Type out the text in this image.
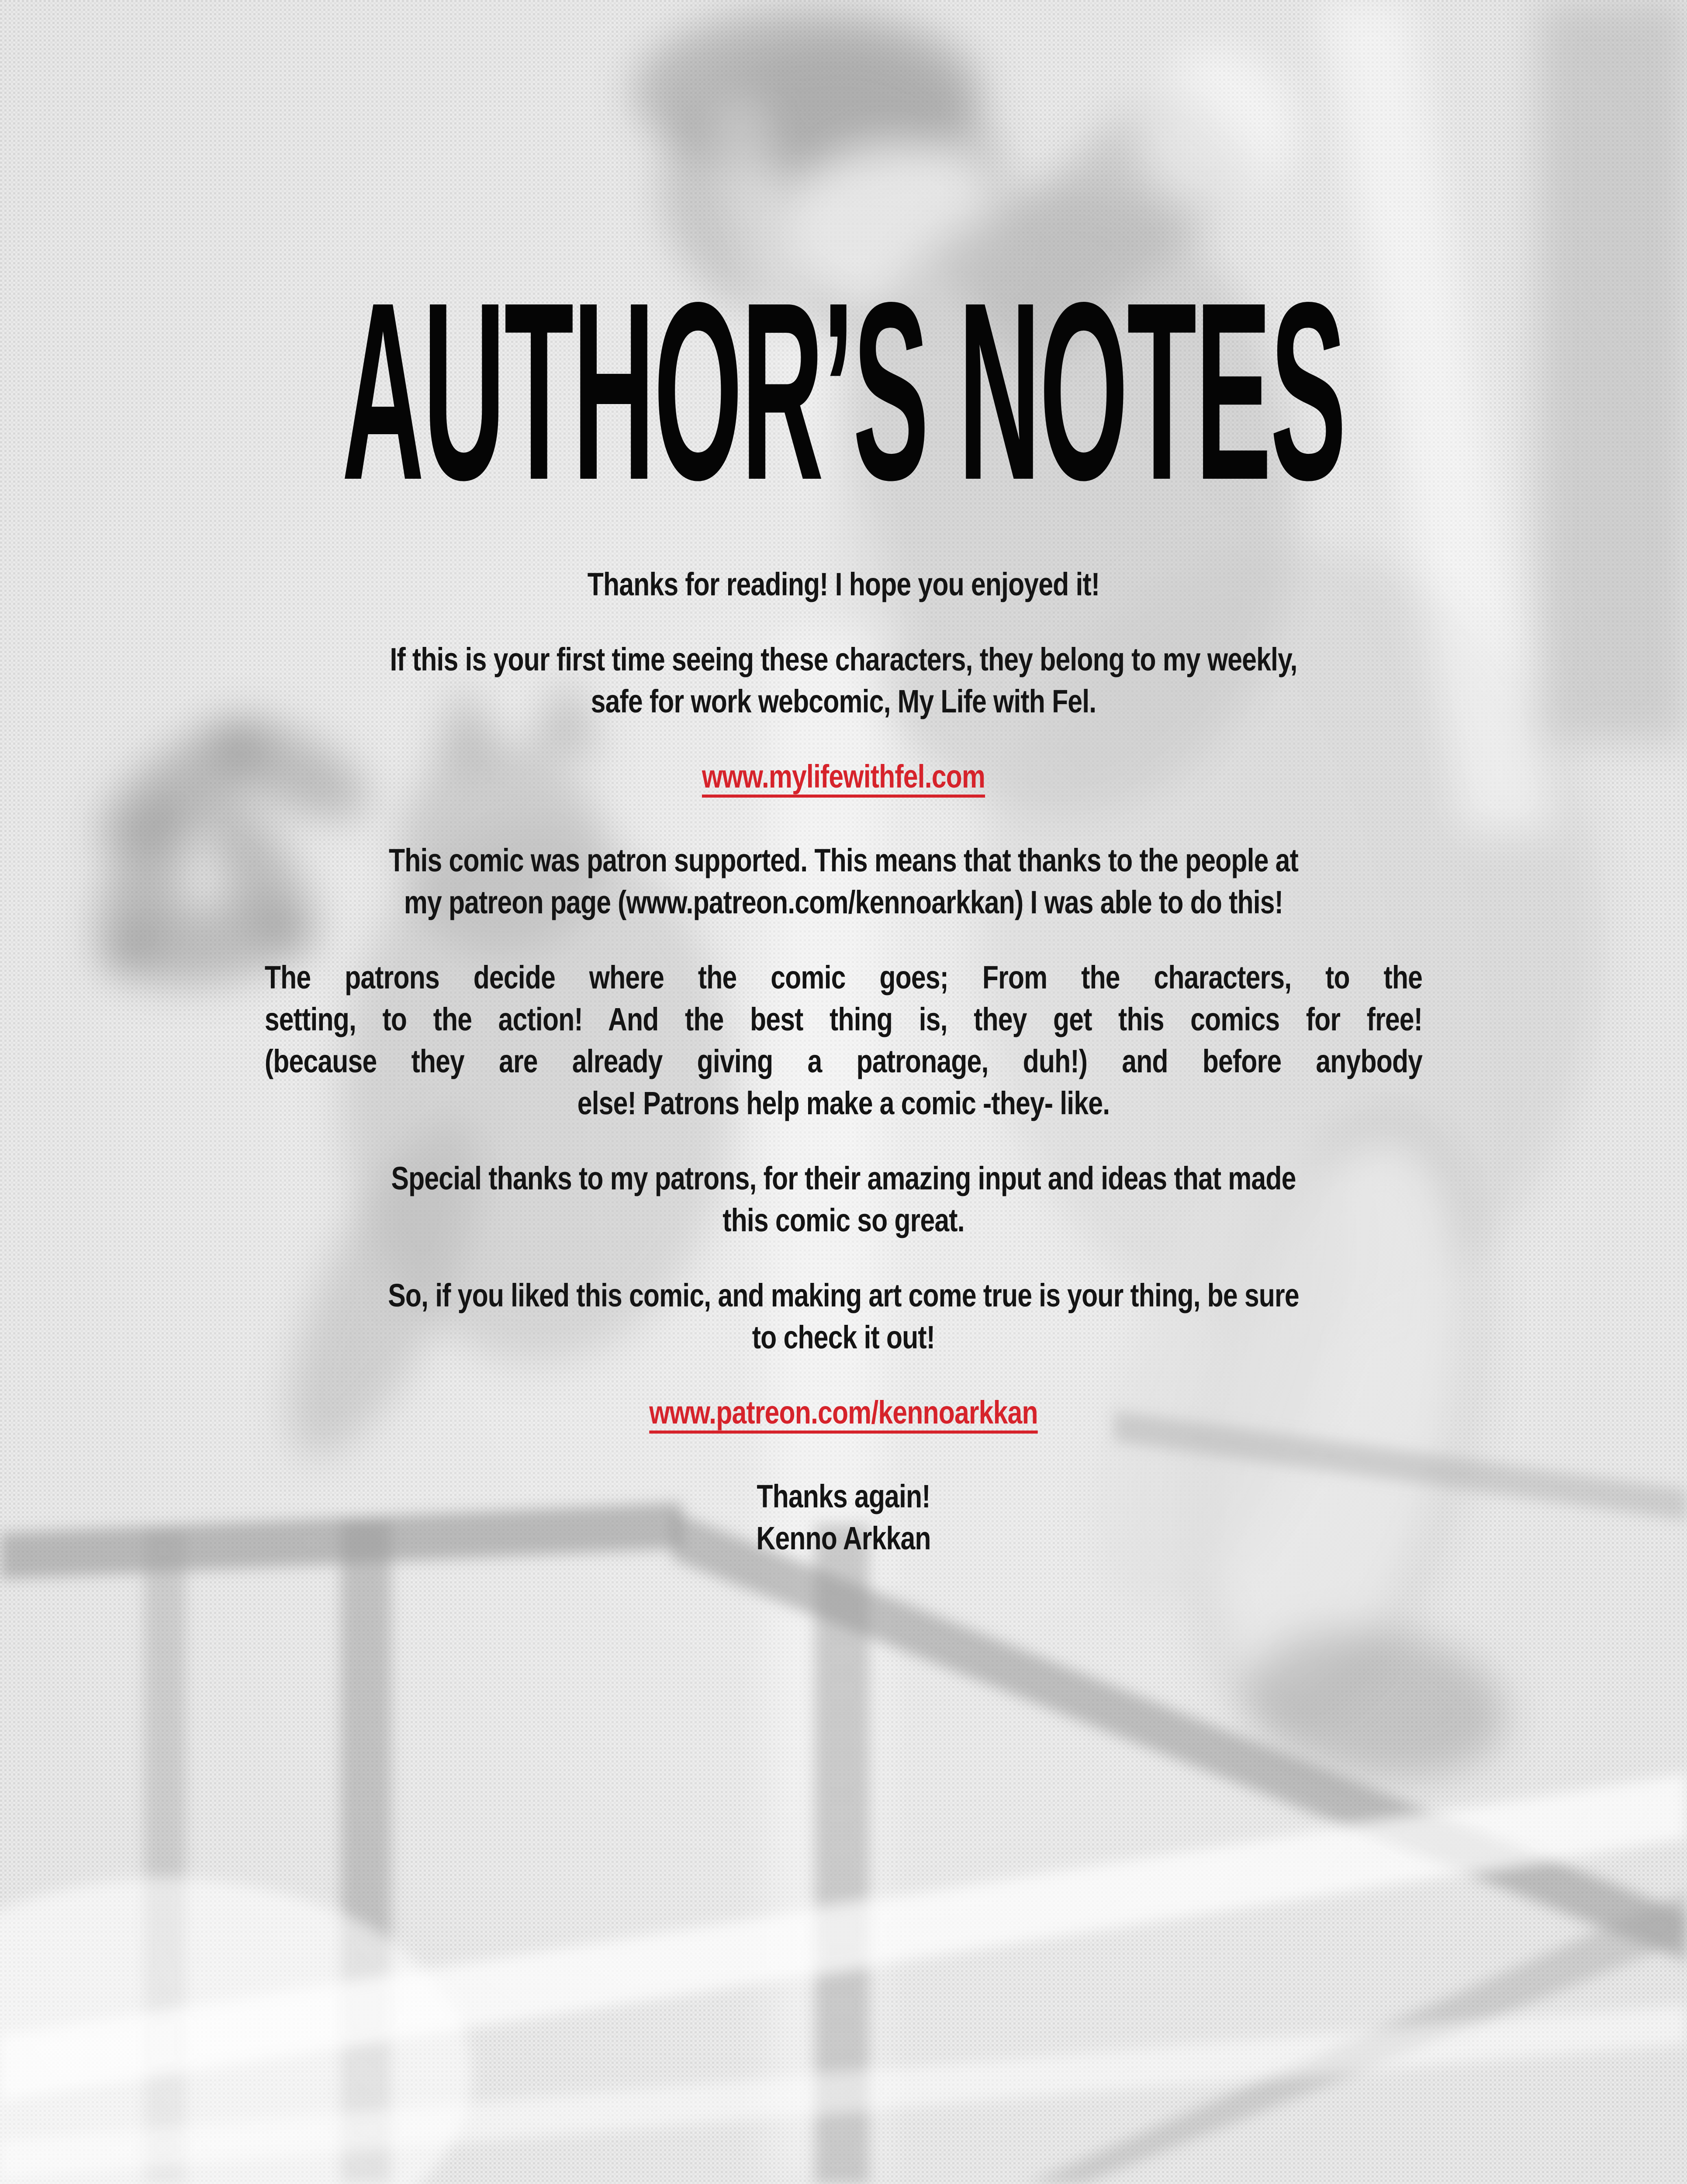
AUTHOR’S NOTES

Thanks for reading! I hope you enjoyed it!

If this is your first time seeing these characters, they belong to my weekly,
safe for work webcomic, My Life with Fel.

www.mylifewithfel.com

This comic was patron supported. This means that thanks to the people at
my patreon page (www.patreon.com/kennoarkkan) I was able to do this!

The patrons decide where the comic goes; From the characters, to the
setting, to the action! And the best thing is, they get this comics for free!
(because they are already giving a patronage, duh!) and before anybody
else! Patrons help make a comic -they- like.

Special thanks to my patrons, for their amazing input and ideas that made
this comic so great.

So, if you liked this comic, and making art come true is your thing, be sure
to check it out!

www.patreon.com/kennoarkkan

Thanks again!
Kenno Arkkan
